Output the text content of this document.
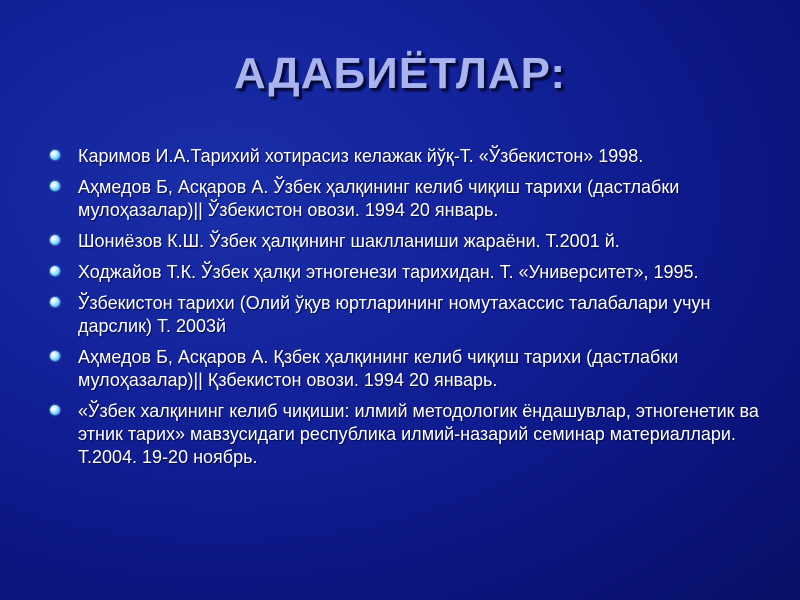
АДАБИЁТЛАР:
Каримов И.А.Тарихий хотирасиз келажак йўқ-Т. «Ўзбекистон» 1998.
Аҳмедов Б, Асқаров А. Ўзбек ҳалқининг келиб чиқиш тарихи (дастлабки мулоҳазалар)|| Ўзбекистон овози. 1994 20 январь.
Шониёзов К.Ш. Ўзбек ҳалқининг шаклланиши жараёни. Т.2001 й.
Ходжайов Т.К. Ўзбек ҳалқи этногенези тарихидан. Т. «Университет», 1995.
Ўзбекистон тарихи (Олий ўқув юртларининг номутахассис талабалари учун дарслик) Т. 2003й
Аҳмедов Б, Асқаров А. Қзбек ҳалқининг келиб чиқиш тарихи (дастлабки мулоҳазалар)|| Қзбекистон овози. 1994 20 январь.
«Ўзбек халқининг келиб чиқиши: илмий методологик ёндашувлар, этногенетик ва этник тарих» мавзусидаги республика илмий-назарий семинар материаллари. Т.2004. 19-20 ноябрь.
